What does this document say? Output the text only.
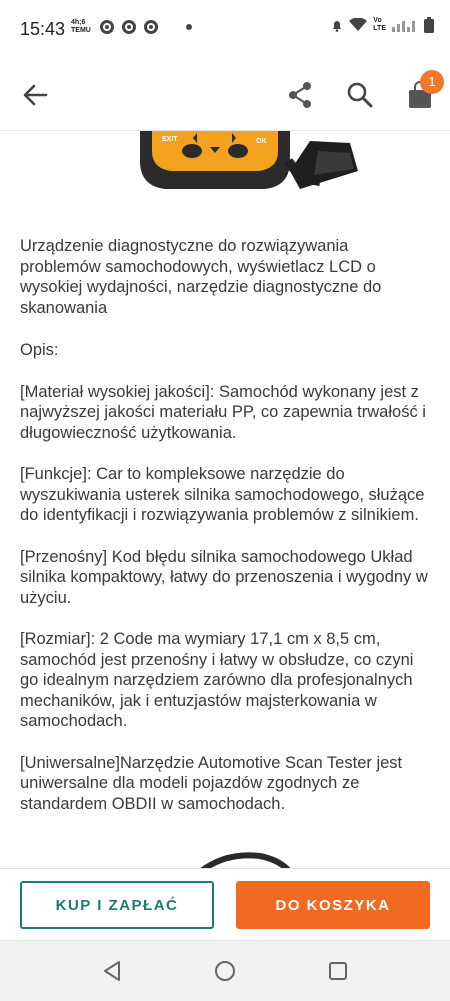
15:43 4h;6
TEMU
Vo
LTE
1
EXIT	OK

Urządzenie diagnostyczne do rozwiązywania problemów samochodowych, wyświetlacz LCD o wysokiej wydajności, narzędzie diagnostyczne do skanowania

Opis:

[Materiał wysokiej jakości]: Samochód wykonany jest z najwyższej jakości materiału PP, co zapewnia trwałość i długowieczność użytkowania.

[Funkcje]: Car to kompleksowe narzędzie do wyszukiwania usterek silnika samochodowego, służące do identyfikacji i rozwiązywania problemów z silnikiem.

[Przenośny] Kod błędu silnika samochodowego Układ silnika kompaktowy, łatwy do przenoszenia i wygodny w użyciu.

[Rozmiar]: 2 Code ma wymiary 17,1 cm x 8,5 cm, samochód jest przenośny i łatwy w obsłudze, co czyni go idealnym narzędziem zarówno dla profesjonalnych mechaników, jak i entuzjastów majsterkowania w samochodach.

[Uniwersalne]Narzędzie Automotive Scan Tester jest uniwersalne dla modeli pojazdów zgodnych ze standardem OBDII w samochodach.

KUP I ZAPŁAĆ	DO KOSZYKA
